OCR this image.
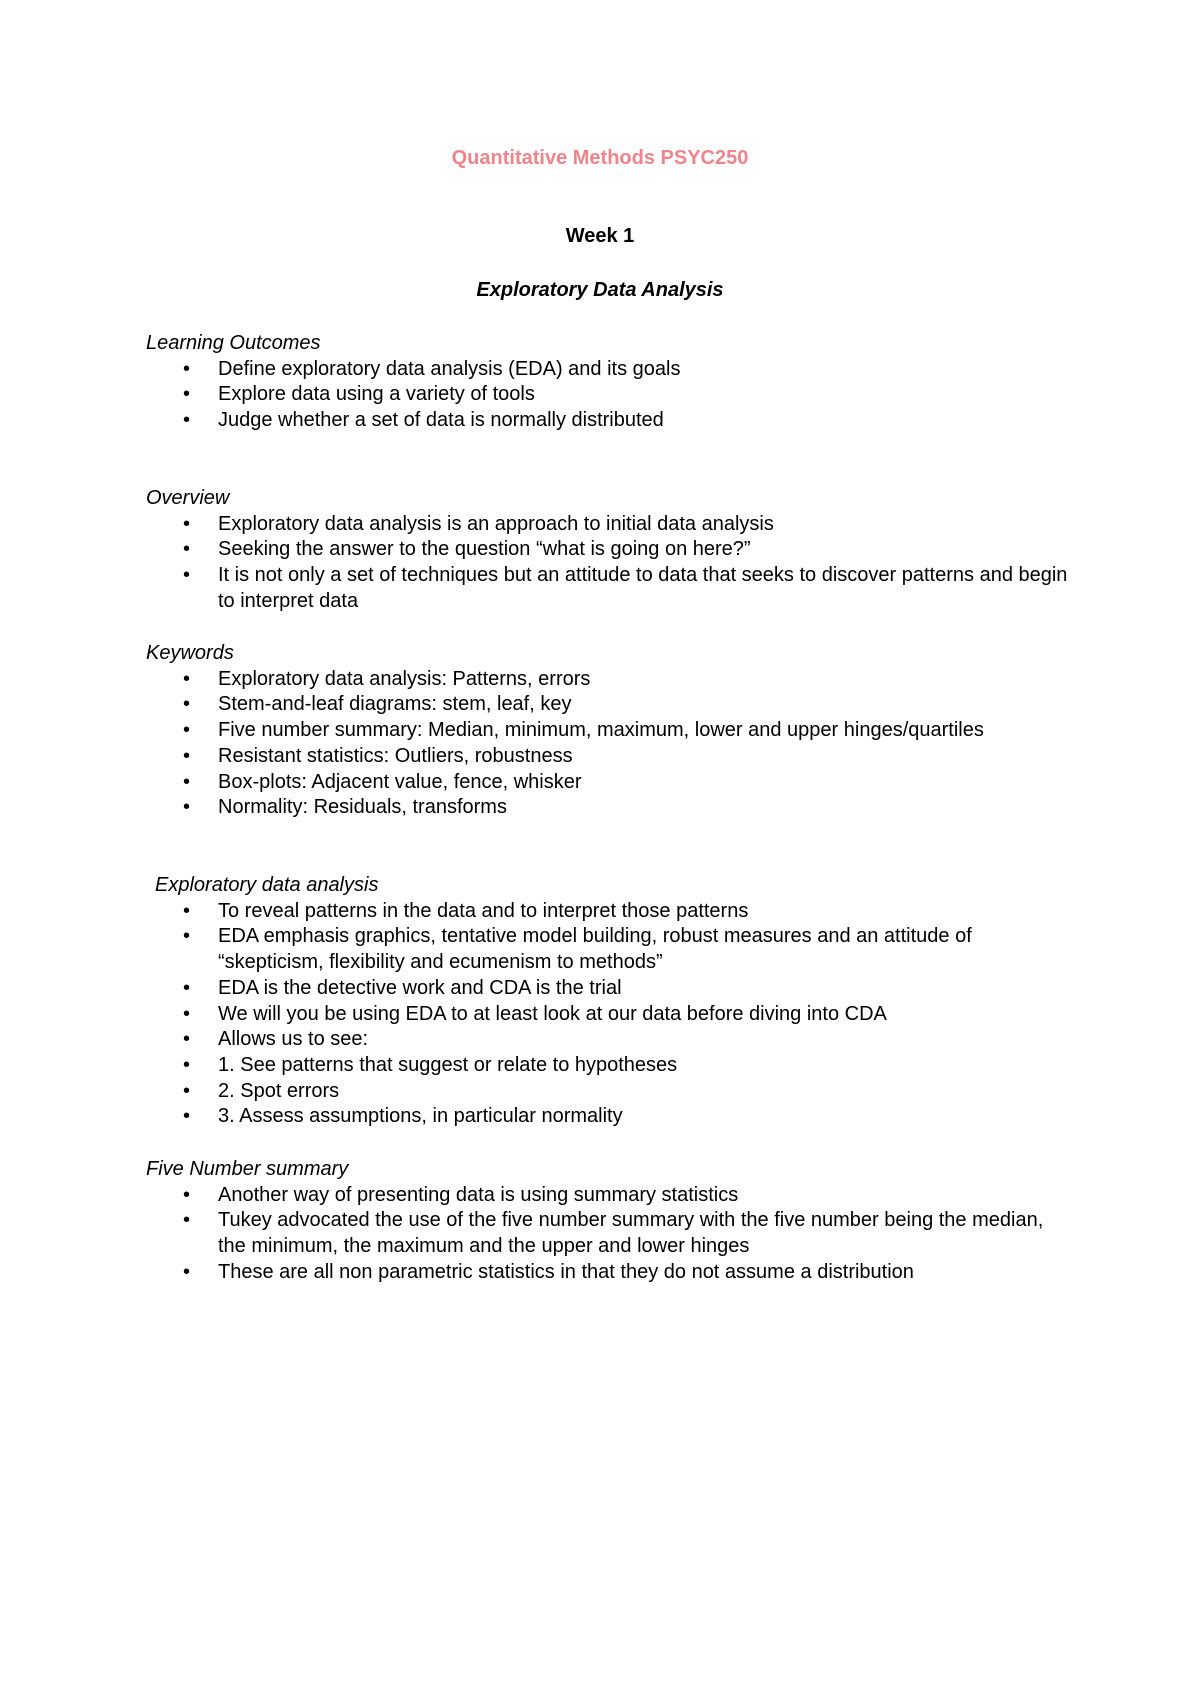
Quantitative Methods PSYC250
Week 1
Exploratory Data Analysis
Learning Outcomes
• Define exploratory data analysis (EDA) and its goals
• Explore data using a variety of tools
• Judge whether a set of data is normally distributed
Overview
• Exploratory data analysis is an approach to initial data analysis
• Seeking the answer to the question “what is going on here?”
• It is not only a set of techniques but an attitude to data that seeks to discover patterns and begin to interpret data
Keywords
• Exploratory data analysis: Patterns, errors
• Stem-and-leaf diagrams: stem, leaf, key
• Five number summary: Median, minimum, maximum, lower and upper hinges/quartiles
• Resistant statistics: Outliers, robustness
• Box-plots: Adjacent value, fence, whisker
• Normality: Residuals, transforms
Exploratory data analysis
• To reveal patterns in the data and to interpret those patterns
• EDA emphasis graphics, tentative model building, robust measures and an attitude of “skepticism, flexibility and ecumenism to methods”
• EDA is the detective work and CDA is the trial
• We will you be using EDA to at least look at our data before diving into CDA
• Allows us to see:
• 1. See patterns that suggest or relate to hypotheses
• 2. Spot errors
• 3. Assess assumptions, in particular normality
Five Number summary
• Another way of presenting data is using summary statistics
• Tukey advocated the use of the five number summary with the five number being the median, the minimum, the maximum and the upper and lower hinges
• These are all non parametric statistics in that they do not assume a distribution
